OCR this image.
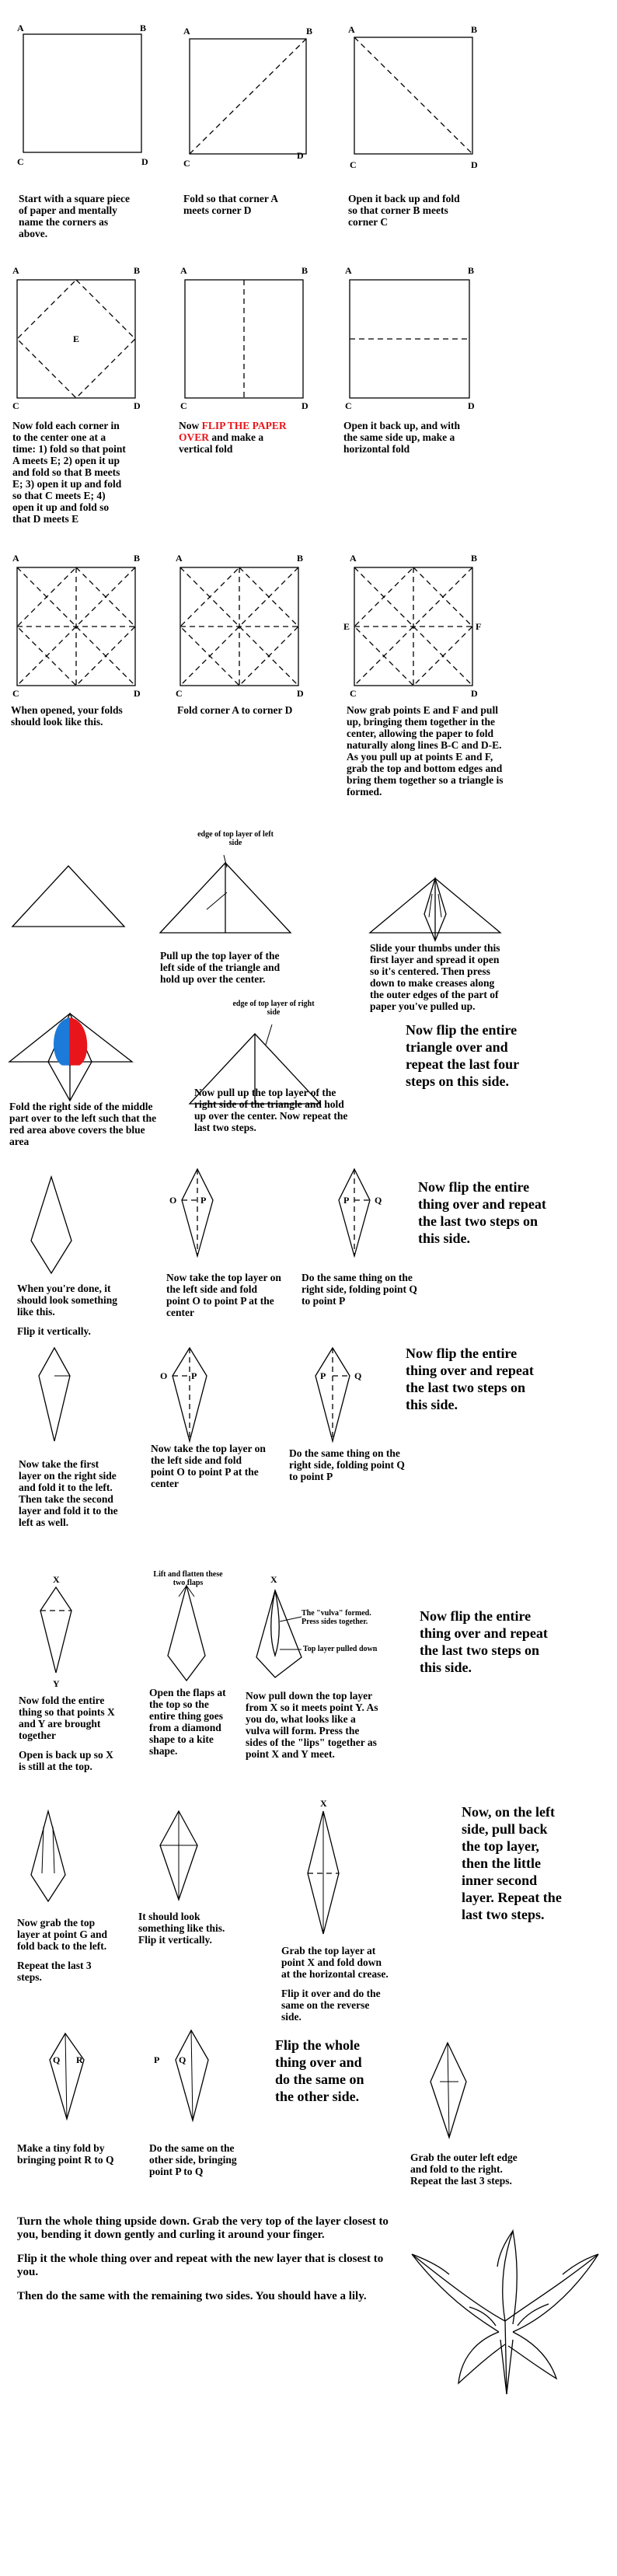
A	B
C	D
A	B
C
D
A	B
C	D
Start with a square piece of paper and mentally name the corners as above.
Fold so that corner A meets corner D
Open it back up and fold so that corner B meets corner C
A	B
C	D
E
A	B
C	D
A	B
C	D
Now fold each corner in to the center one at a time: 1) fold so that point A meets E; 2) open it up and fold so that B meets E; 3) open it up and fold so that C meets E; 4) open it up and fold so that D meets E
Now FLIP THE PAPER OVER and make a vertical fold
Open it back up, and with the same side up, make a horizontal fold
A	B
C	D
A	B
C	D
A	B
C	D
E	F
When opened, your folds should look like this.
Fold corner A to corner D	Now grab points E and F and pull up, bringing them together in the center, allowing the paper to fold naturally along lines B-C and D-E. As you pull up at points E and F, grab the top and bottom edges and bring them together so a triangle is formed.
edge of top layer of left side
Pull up the top layer of the left side of the triangle and hold up over the center.
Slide your thumbs under this first layer and spread it open so it's centered. Then press down to make creases along the outer edges of the part of paper you've pulled up.
edge of top layer of right side
Fold the right side of the middle part over to the left such that the red area above covers the blue area
Now pull up the top layer of the right side of the triangle and hold up over the center. Now repeat the last two steps.
Now flip the entire triangle over and repeat the last four steps on this side.
O	P	P	Q

When you're done, it should look something like this.

Flip it vertically.

Now take the top layer on the left side and fold point O to point P at the center
Do the same thing on the right side, folding point Q to point P
Now flip the entire thing over and repeat the last two steps on this side.
O	P	P	Q
Now take the first layer on the right side and fold it to the left. Then take the second layer and fold it to the left as well.
Now take the top layer on the left side and fold point O to point P at the center
Do the same thing on the right side, folding point Q to point P
Now flip the entire thing over and repeat the last two steps on this side.
X
Y
Lift and flatten these two flaps	X
The "vulva" formed. Press sides together.
Top layer pulled down

Now fold the entire thing so that points X and Y are brought together

Open is back up so X is still at the top.

Open the flaps at the top so the entire thing goes from a diamond shape to a kite shape.
Now pull down the top layer from X so it meets point Y. As you do, what looks like a vulva will form. Press the sides of the "lips" together as point X and Y meet.
Now flip the entire thing over and repeat the last two steps on this side.
X

Now grab the top layer at point G and fold back to the left.

Repeat the last 3 steps.

It should look something like this. Flip it vertically.

Grab the top layer at point X and fold down at the horizontal crease.

Flip it over and do the same on the reverse side.

Now, on the left side, pull back the top layer, then the little inner second layer. Repeat the last two steps.
Q R	P Q
Flip the whole thing over and do the same on the other side.
Make a tiny fold by bringing point R to Q
Do the same on the other side, bringing point P to Q
Grab the outer left edge and fold to the right. Repeat the last 3 steps.

Turn the whole thing upside down. Grab the very top of the layer closest to you, bending it down gently and curling it around your finger.

Flip it the whole thing over and repeat with the new layer that is closest to you.

Then do the same with the remaining two sides. You should have a lily.
